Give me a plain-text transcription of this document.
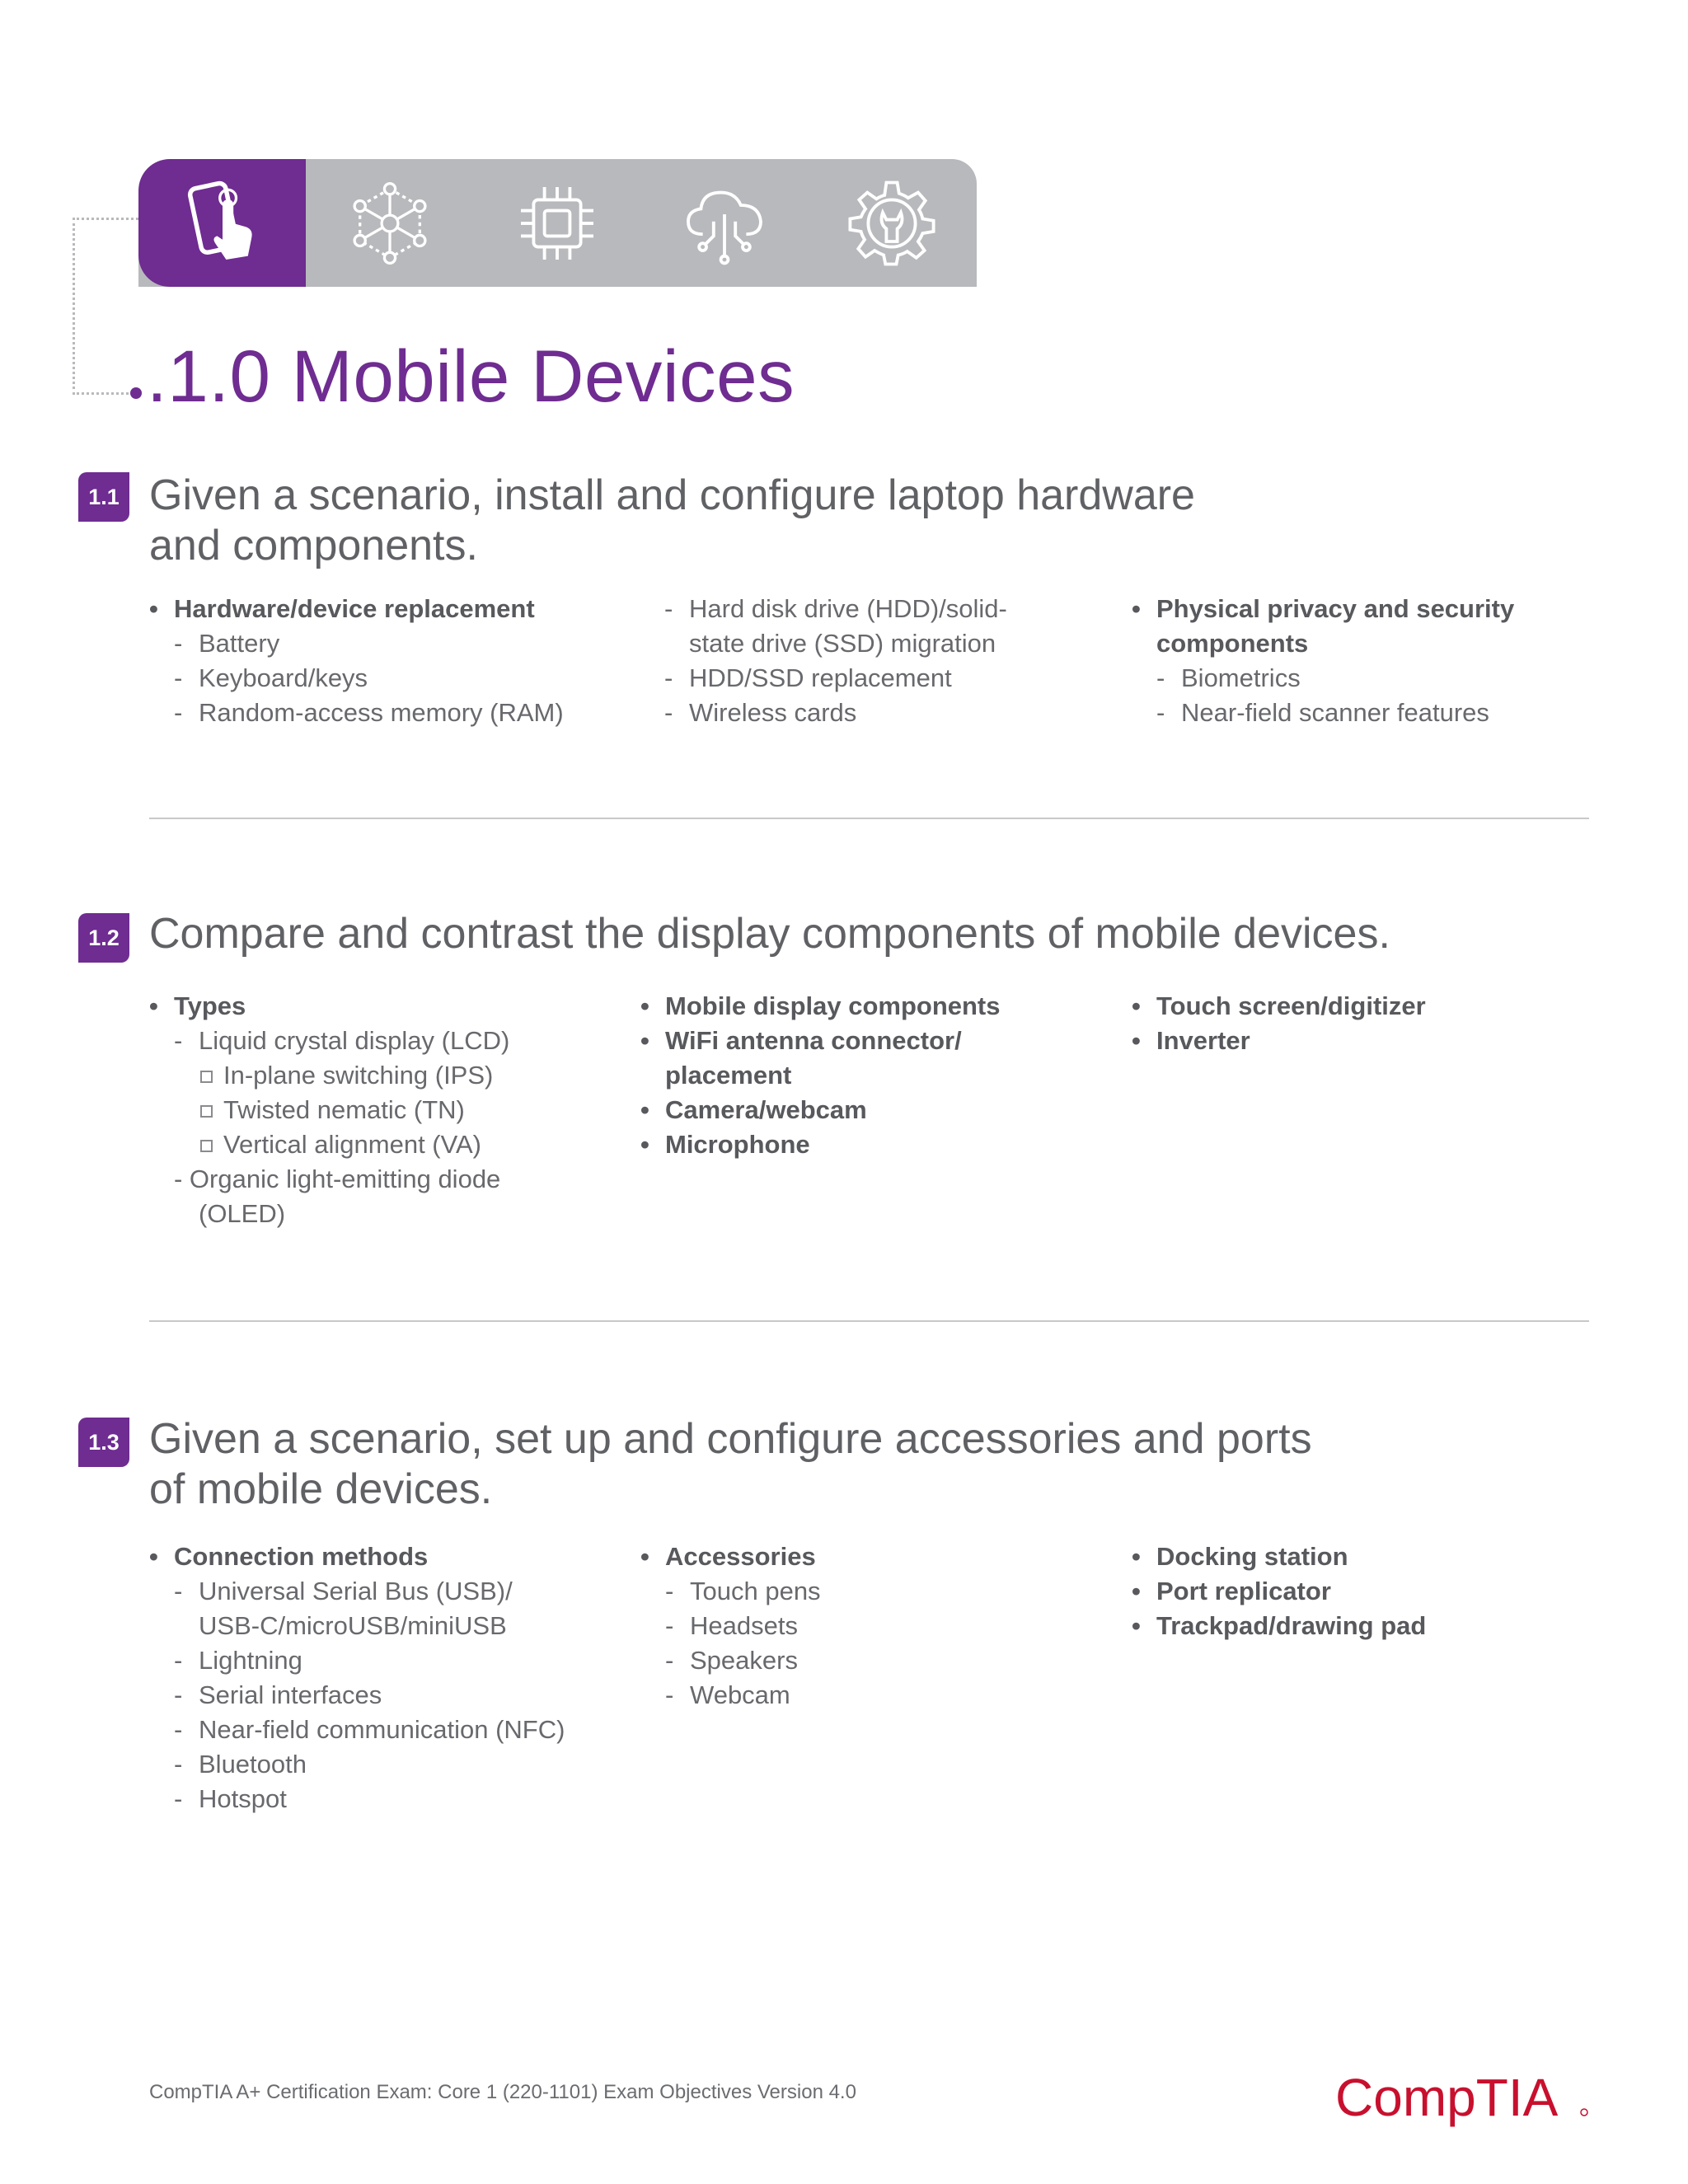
.1.0 Mobile Devices
1.1 Given a scenario, install and configure laptop hardware
and components.
• Hardware/device replacement
- Battery
- Keyboard/keys
- Random-access memory (RAM)
- Hard disk drive (HDD)/solid-
state drive (SSD) migration
- HDD/SSD replacement
- Wireless cards
• Physical privacy and security
components
- Biometrics
- Near-field scanner features
1.2 Compare and contrast the display components of mobile devices.
• Types
- Liquid crystal display (LCD)
In-plane switching (IPS)
Twisted nematic (TN)
Vertical alignment (VA)
- Organic light-emitting diode
(OLED)
• Mobile display components
• WiFi antenna connector/
placement
• Camera/webcam
• Microphone
• Touch screen/digitizer
• Inverter
1.3 Given a scenario, set up and configure accessories and ports
of mobile devices.
• Connection methods
- Universal Serial Bus (USB)/
USB-C/microUSB/miniUSB
- Lightning
- Serial interfaces
- Near-field communication (NFC)
- Bluetooth
- Hotspot
• Accessories
- Touch pens
- Headsets
- Speakers
- Webcam
• Docking station
• Port replicator
• Trackpad/drawing pad
CompTIA A+ Certification Exam: Core 1 (220-1101) Exam Objectives Version 4.0	CompTIA
